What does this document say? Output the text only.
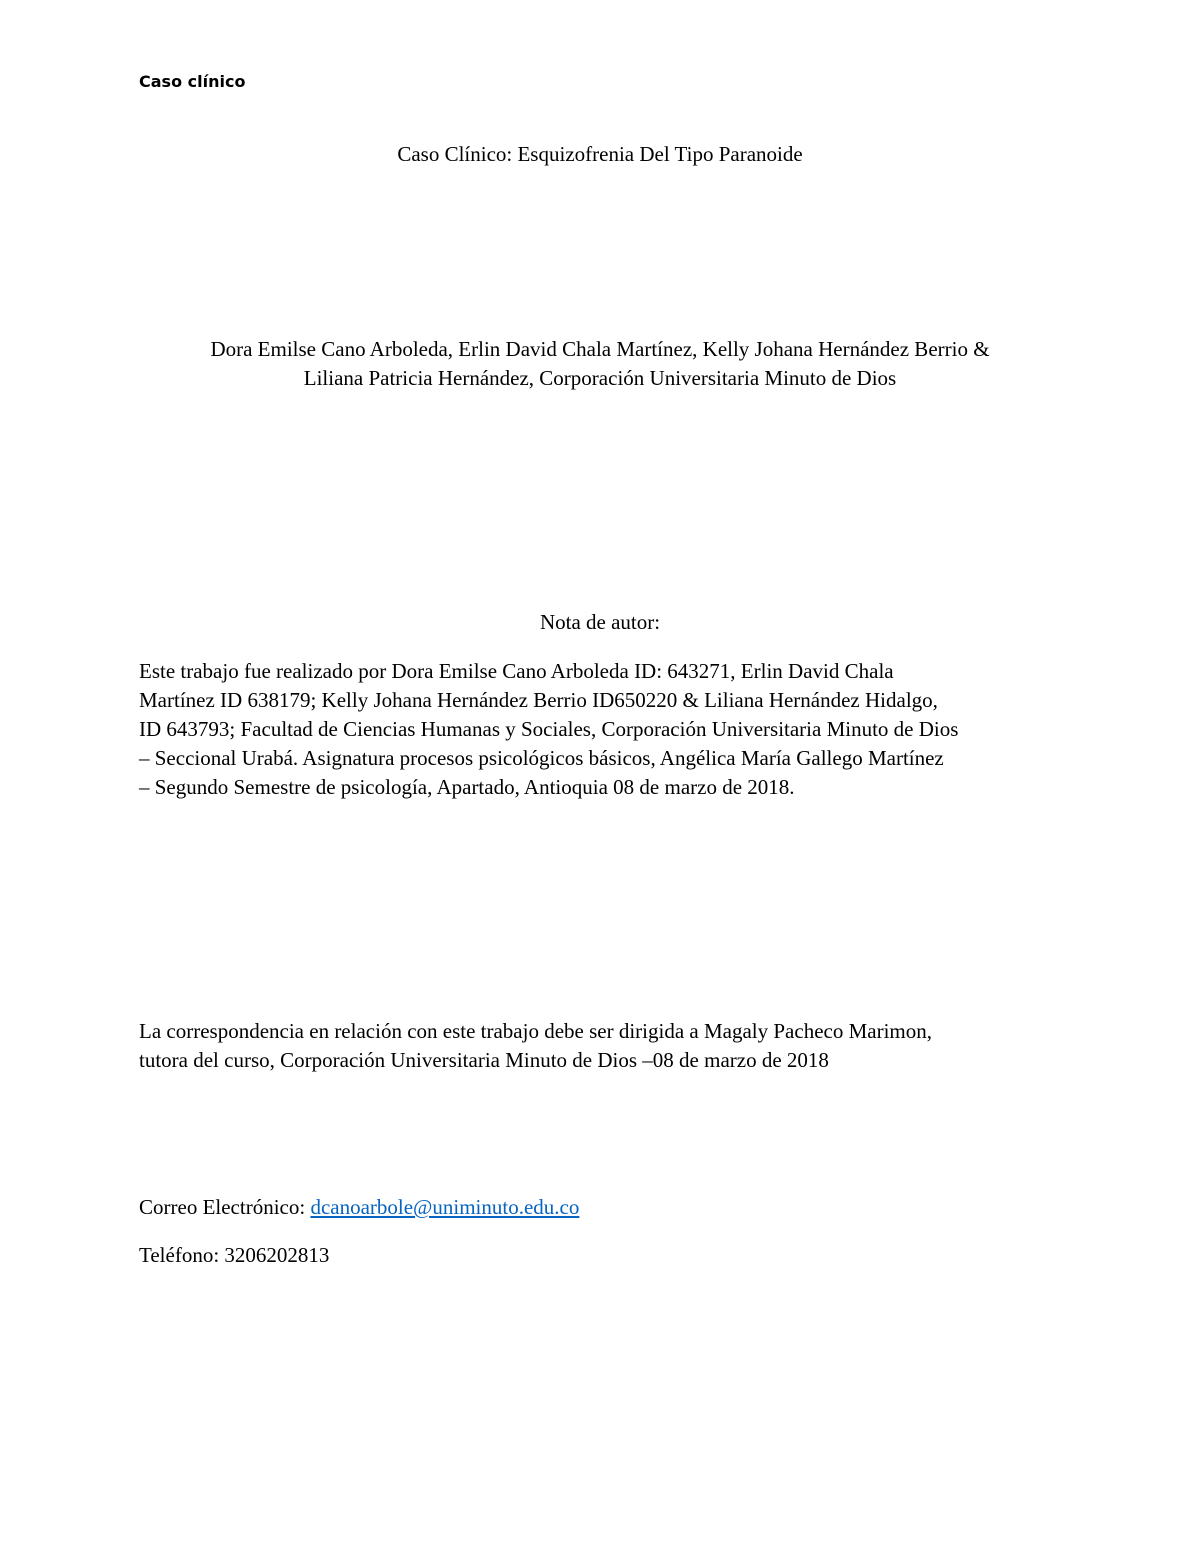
Caso clínico
Caso Clínico: Esquizofrenia Del Tipo Paranoide
Dora Emilse Cano Arboleda, Erlin David Chala Martínez, Kelly Johana Hernández Berrio &
Liliana Patricia Hernández, Corporación Universitaria Minuto de Dios
Nota de autor:
Este trabajo fue realizado por Dora Emilse Cano Arboleda ID: 643271, Erlin David Chala
Martínez ID 638179; Kelly Johana Hernández Berrio ID650220 & Liliana Hernández Hidalgo,
ID 643793; Facultad de Ciencias Humanas y Sociales, Corporación Universitaria Minuto de Dios
– Seccional Urabá. Asignatura procesos psicológicos básicos, Angélica María Gallego Martínez
– Segundo Semestre de psicología, Apartado, Antioquia 08 de marzo de 2018.
La correspondencia en relación con este trabajo debe ser dirigida a Magaly Pacheco Marimon,
tutora del curso, Corporación Universitaria Minuto de Dios –08 de marzo de 2018
Correo Electrónico: dcanoarbole@uniminuto.edu.co
Teléfono: 3206202813
